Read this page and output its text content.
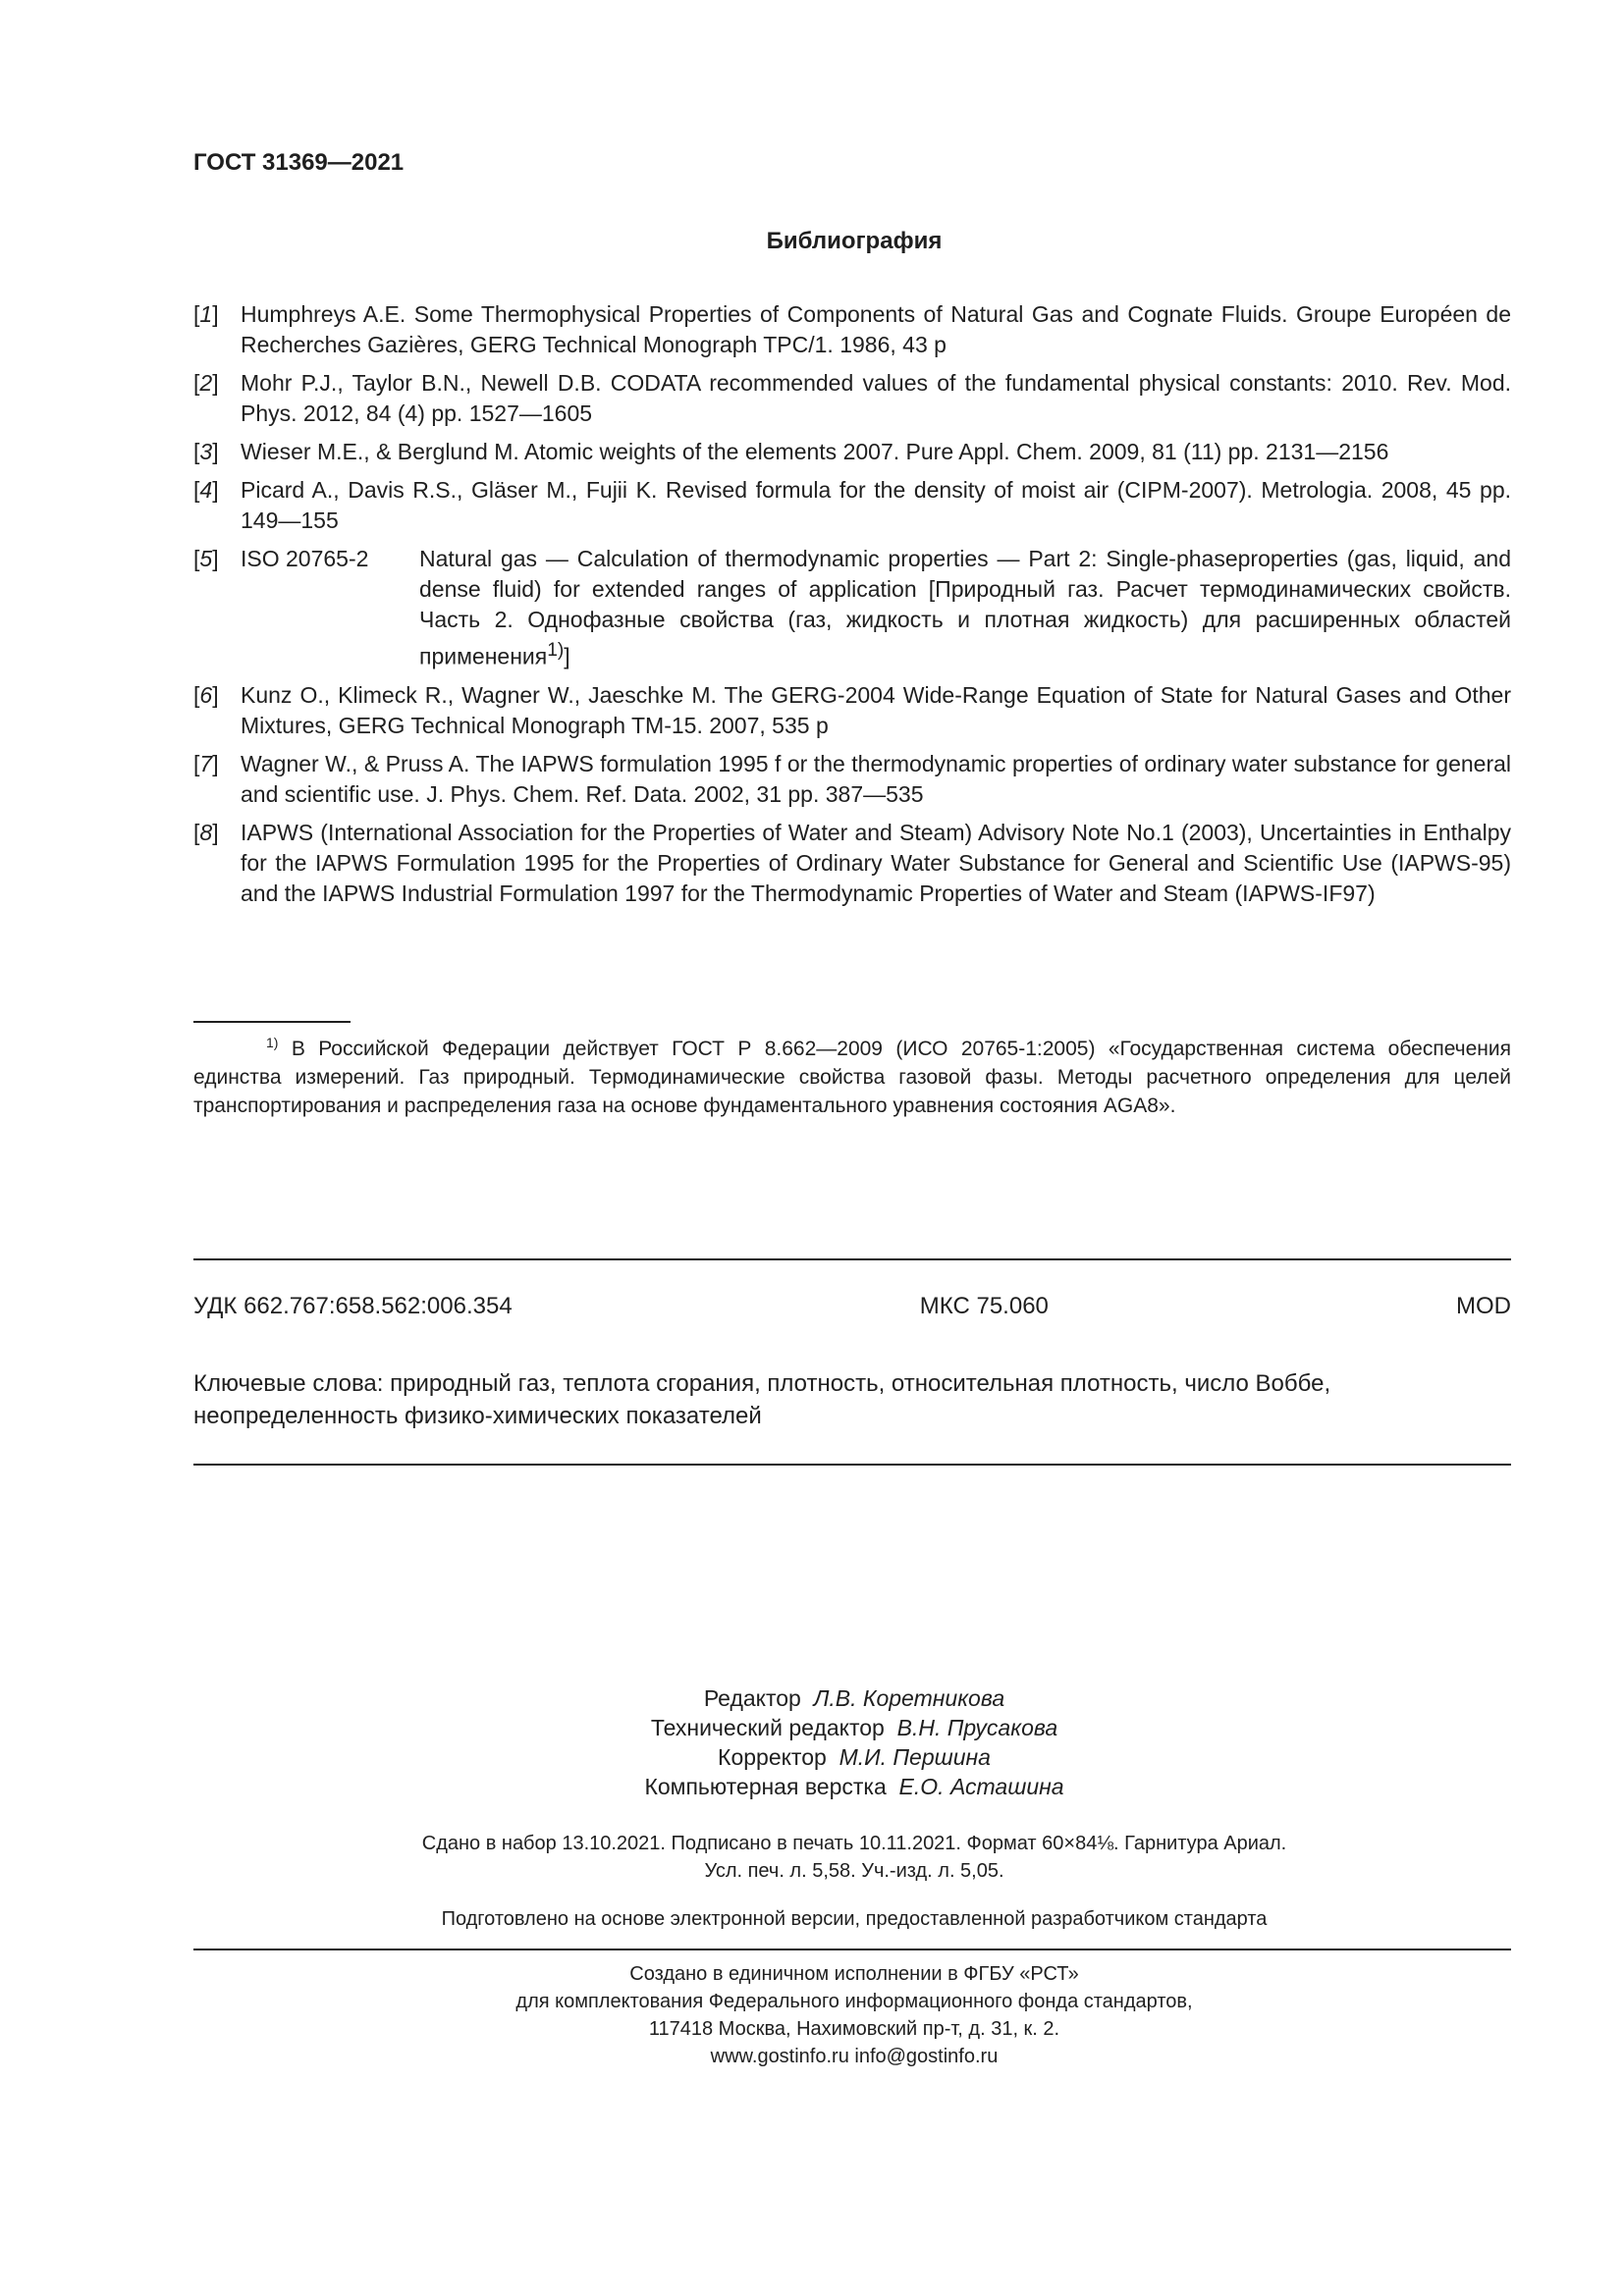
ГОСТ 31369—2021
Библиография
[1] Humphreys A.E. Some Thermophysical Properties of Components of Natural Gas and Cognate Fluids. Groupe Européen de Recherches Gazières, GERG Technical Monograph TPC/1. 1986, 43 p
[2] Mohr P.J., Taylor B.N., Newell D.B. CODATA recommended values of the fundamental physical constants: 2010. Rev. Mod. Phys. 2012, 84 (4) pp. 1527—1605
[3] Wieser M.E., & Berglund M. Atomic weights of the elements 2007. Pure Appl. Chem. 2009, 81 (11) pp. 2131—2156
[4] Picard A., Davis R.S., Gläser M., Fujii K. Revised formula for the density of moist air (CIPM-2007). Metrologia. 2008, 45 pp. 149—155
[5] ISO 20765-2	Natural gas — Calculation of thermodynamic properties — Part 2: Single-phaseproperties (gas, liquid, and dense fluid) for extended ranges of application [Природный газ. Расчет термодинамических свойств. Часть 2. Однофазные свойства (газ, жидкость и плотная жидкость) для расширенных областей применения$^{1)}$]
[6] Kunz O., Klimeck R., Wagner W., Jaeschke M. The GERG-2004 Wide-Range Equation of State for Natural Gases and Other Mixtures, GERG Technical Monograph TM-15. 2007, 535 p
[7] Wagner W., & Pruss A. The IAPWS formulation 1995 f or the thermodynamic properties of ordinary water substance for general and scientific use. J. Phys. Chem. Ref. Data. 2002, 31 pp. 387—535
[8] IAPWS (International Association for the Properties of Water and Steam) Advisory Note No.1 (2003), Uncertainties in Enthalpy for the IAPWS Formulation 1995 for the Properties of Ordinary Water Substance for General and Scientific Use (IAPWS-95) and the IAPWS Industrial Formulation 1997 for the Thermodynamic Properties of Water and Steam (IAPWS-IF97)
$^{1)}$ В Российской Федерации действует ГОСТ Р 8.662—2009 (ИСО 20765-1:2005) «Государственная система обеспечения единства измерений. Газ природный. Термодинамические свойства газовой фазы. Методы расчетного определения для целей транспортирования и распределения газа на основе фундаментального уравнения состояния AGA8».
УДК 662.767:658.562:006.354	МКС 75.060	MOD
Ключевые слова: природный газ, теплота сгорания, плотность, относительная плотность, число Воббе, неопределенность физико-химических показателей
Редактор Л.В. Коретникова
Технический редактор В.Н. Прусакова
Корректор М.И. Першина
Компьютерная верстка Е.О. Асташина
Сдано в набор 13.10.2021. Подписано в печать 10.11.2021. Формат 60×84⅛. Гарнитура Ариал.
Усл. печ. л. 5,58. Уч.-изд. л. 5,05.
Подготовлено на основе электронной версии, предоставленной разработчиком стандарта
Создано в единичном исполнении в ФГБУ «РСТ»
для комплектования Федерального информационного фонда стандартов,
117418 Москва, Нахимовский пр-т, д. 31, к. 2.
www.gostinfo.ru info@gostinfo.ru
